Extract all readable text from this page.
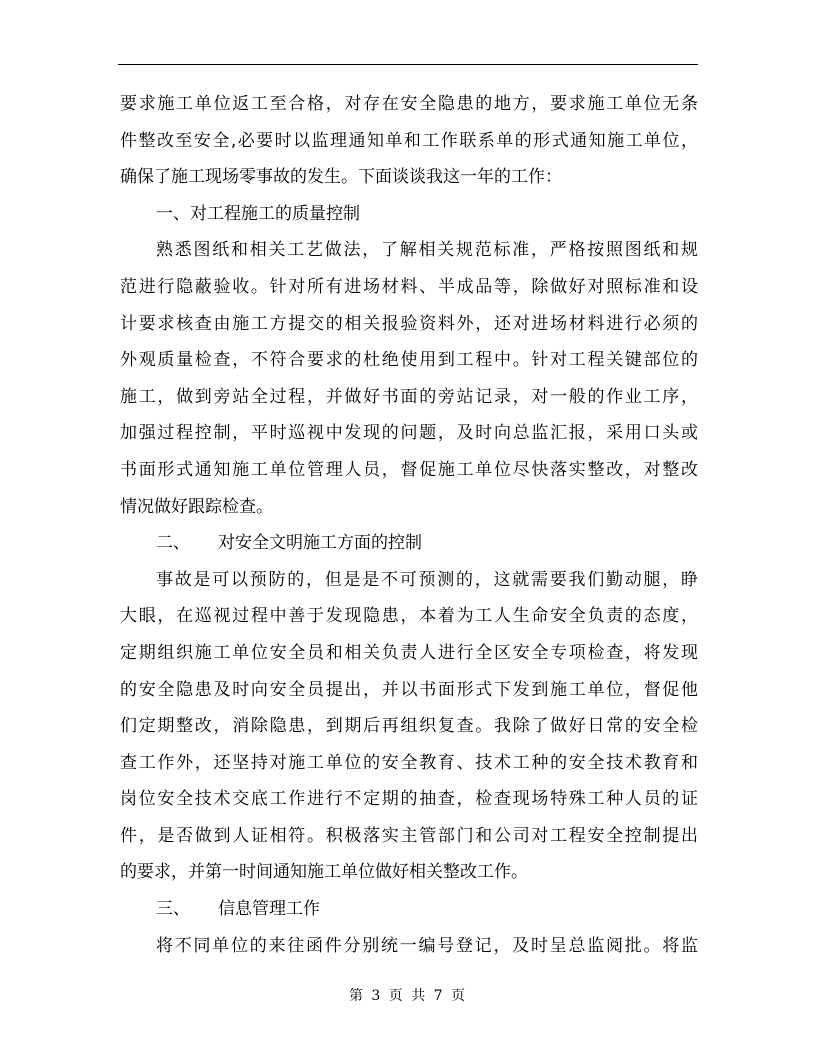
要求施工单位返工至合格，对存在安全隐患的地方，要求施工单位无条
件整改至安全,必要时以监理通知单和工作联系单的形式通知施工单位，
确保了施工现场零事故的发生。下面谈谈我这一年的工作：
一、对工程施工的质量控制
熟悉图纸和相关工艺做法，了解相关规范标准，严格按照图纸和规
范进行隐蔽验收。针对所有进场材料、半成品等，除做好对照标准和设
计要求核查由施工方提交的相关报验资料外，还对进场材料进行必须的
外观质量检查，不符合要求的杜绝使用到工程中。针对工程关键部位的
施工，做到旁站全过程，并做好书面的旁站记录，对一般的作业工序，
加强过程控制，平时巡视中发现的问题，及时向总监汇报，采用口头或
书面形式通知施工单位管理人员，督促施工单位尽快落实整改，对整改
情况做好跟踪检查。
二、 对安全文明施工方面的控制
事故是可以预防的，但是是不可预测的，这就需要我们勤动腿，睁
大眼，在巡视过程中善于发现隐患，本着为工人生命安全负责的态度，
定期组织施工单位安全员和相关负责人进行全区安全专项检查，将发现
的安全隐患及时向安全员提出，并以书面形式下发到施工单位，督促他
们定期整改，消除隐患，到期后再组织复查。我除了做好日常的安全检
查工作外，还坚持对施工单位的安全教育、技术工种的安全技术教育和
岗位安全技术交底工作进行不定期的抽查，检查现场特殊工种人员的证
件，是否做到人证相符。积极落实主管部门和公司对工程安全控制提出
的要求，并第一时间通知施工单位做好相关整改工作。
三、 信息管理工作
将不同单位的来往函件分别统一编号登记，及时呈总监阅批。将监
第 3 页 共 7 页
